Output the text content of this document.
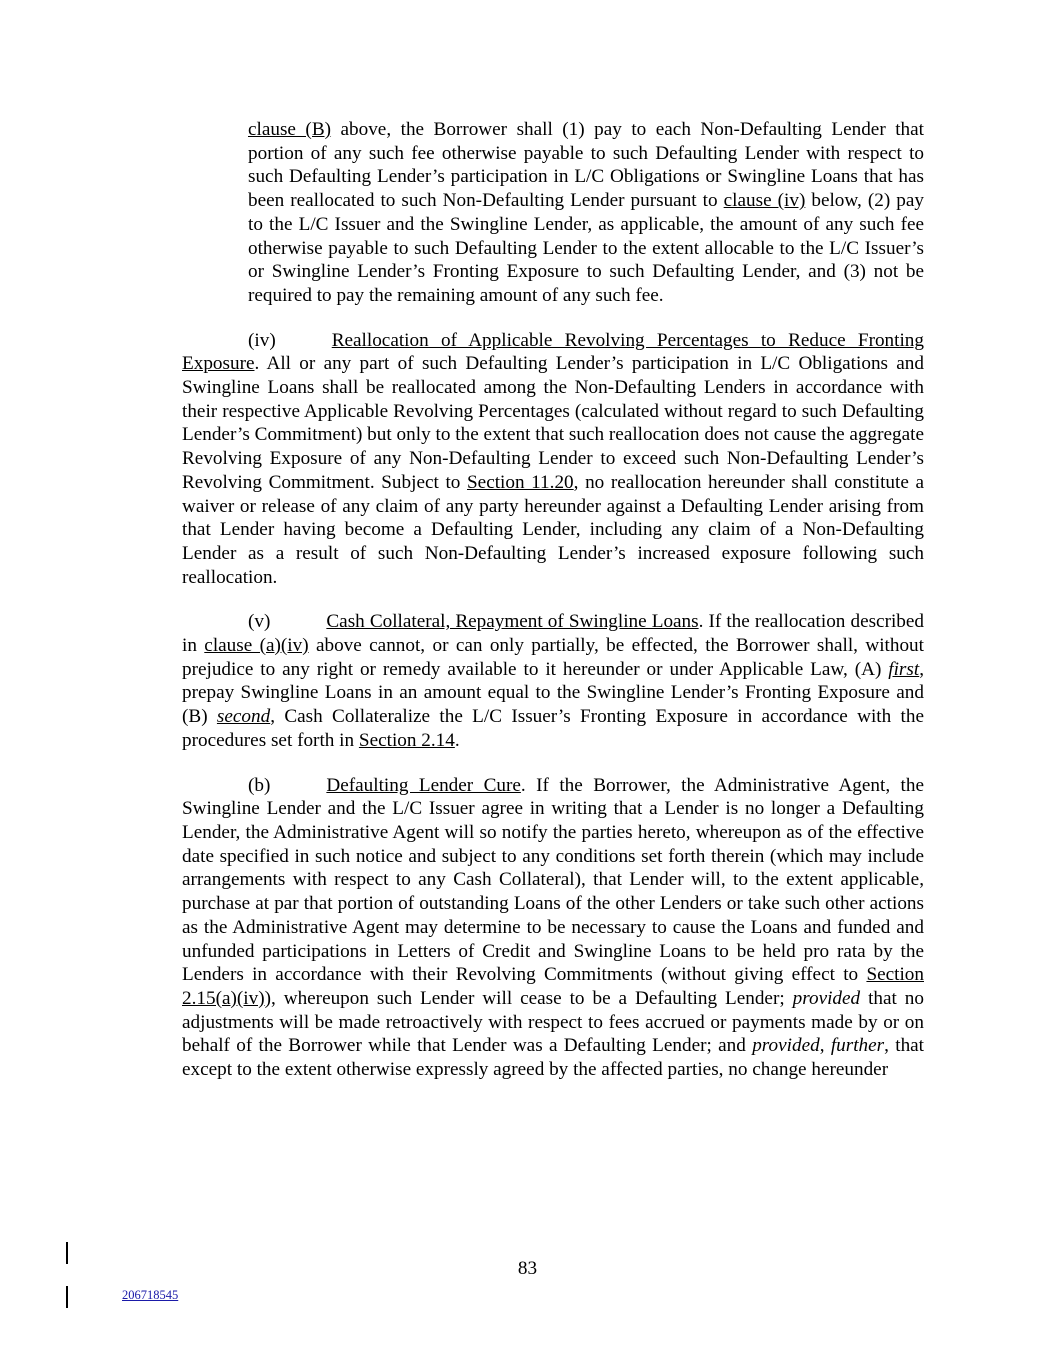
clause (B) above, the Borrower shall (1) pay to each Non-Defaulting Lender that portion of any such fee otherwise payable to such Defaulting Lender with respect to such Defaulting Lender’s participation in L/C Obligations or Swingline Loans that has been reallocated to such Non-Defaulting Lender pursuant to clause (iv) below, (2) pay to the L/C Issuer and the Swingline Lender, as applicable, the amount of any such fee otherwise payable to such Defaulting Lender to the extent allocable to the L/C Issuer’s or Swingline Lender’s Fronting Exposure to such Defaulting Lender, and (3) not be required to pay the remaining amount of any such fee.

(iv)	Reallocation of Applicable Revolving Percentages to Reduce Fronting Exposure. All or any part of such Defaulting Lender’s participation in L/C Obligations and Swingline Loans shall be reallocated among the Non-Defaulting Lenders in accordance with their respective Applicable Revolving Percentages (calculated without regard to such Defaulting Lender’s Commitment) but only to the extent that such reallocation does not cause the aggregate Revolving Exposure of any Non-Defaulting Lender to exceed such Non-Defaulting Lender’s Revolving Commitment. Subject to Section 11.20, no reallocation hereunder shall constitute a waiver or release of any claim of any party hereunder against a Defaulting Lender arising from that Lender having become a Defaulting Lender, including any claim of a Non-Defaulting Lender as a result of such Non-Defaulting Lender’s increased exposure following such reallocation.

(v)	Cash Collateral, Repayment of Swingline Loans. If the reallocation described in clause (a)(iv) above cannot, or can only partially, be effected, the Borrower shall, without prejudice to any right or remedy available to it hereunder or under Applicable Law, (A) first, prepay Swingline Loans in an amount equal to the Swingline Lender’s Fronting Exposure and (B) second, Cash Collateralize the L/C Issuer’s Fronting Exposure in accordance with the procedures set forth in Section 2.14.

(b)	Defaulting Lender Cure. If the Borrower, the Administrative Agent, the Swingline Lender and the L/C Issuer agree in writing that a Lender is no longer a Defaulting Lender, the Administrative Agent will so notify the parties hereto, whereupon as of the effective date specified in such notice and subject to any conditions set forth therein (which may include arrangements with respect to any Cash Collateral), that Lender will, to the extent applicable, purchase at par that portion of outstanding Loans of the other Lenders or take such other actions as the Administrative Agent may determine to be necessary to cause the Loans and funded and unfunded participations in Letters of Credit and Swingline Loans to be held pro rata by the Lenders in accordance with their Revolving Commitments (without giving effect to Section 2.15(a)(iv)), whereupon such Lender will cease to be a Defaulting Lender; provided that no adjustments will be made retroactively with respect to fees accrued or payments made by or on behalf of the Borrower while that Lender was a Defaulting Lender; and provided, further, that except to the extent otherwise expressly agreed by the affected parties, no change hereunder

83
206718545
